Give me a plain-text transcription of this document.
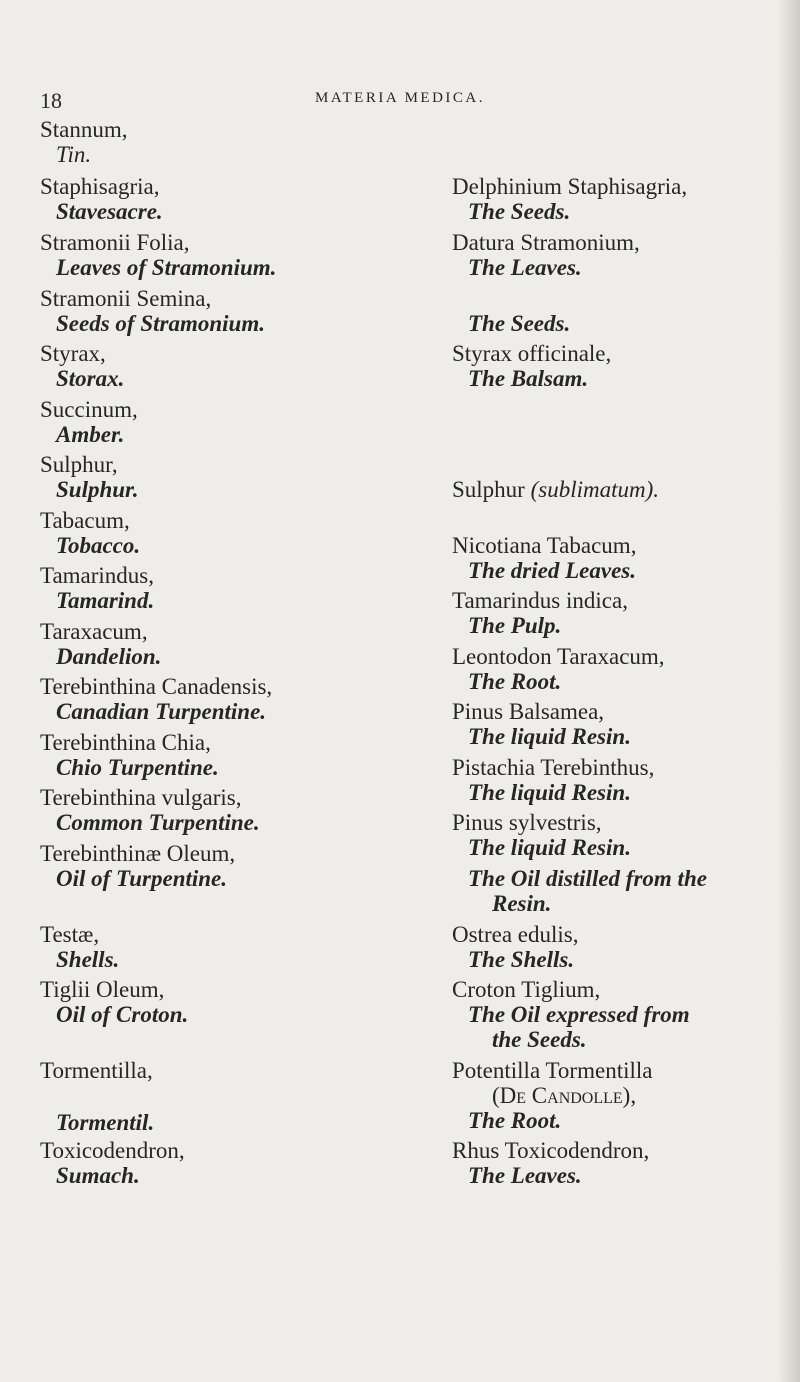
18	MATERIA MEDICA.
Stannum,
Tin.
Staphisagria,
Stavesacre.
Stramonii Folia,
Leaves of Stramonium.
Stramonii Semina,
Seeds of Stramonium.
Styrax,
Storax.
Succinum,
Amber.
Sulphur,
Sulphur.
Tabacum,
Tobacco.
Tamarindus,
Tamarind.
Taraxacum,
Dandelion.
Terebinthina Canadensis,
Canadian Turpentine.
Terebinthina Chia,
Chio Turpentine.
Terebinthina vulgaris,
Common Turpentine.
Terebinthinæ Oleum,
Oil of Turpentine.
Testæ,
Shells.
Tiglii Oleum,
Oil of Croton.
Tormentilla,
Tormentil.
Toxicodendron,
Sumach.
Delphinium Staphisagria,
The Seeds.
Datura Stramonium,
The Leaves.
The Seeds.
Styrax officinale,
The Balsam.
Sulphur (sublimatum).
Nicotiana Tabacum,
The dried Leaves.
Tamarindus indica,
The Pulp.
Leontodon Taraxacum,
The Root.
Pinus Balsamea,
The liquid Resin.
Pistachia Terebinthus,
The liquid Resin.
Pinus sylvestris,
The liquid Resin.
The Oil distilled from the
Resin.
Ostrea edulis,
The Shells.
Croton Tiglium,
The Oil expressed from
the Seeds.
Potentilla Tormentilla
(De Candolle),
The Root.
Rhus Toxicodendron,
The Leaves.
